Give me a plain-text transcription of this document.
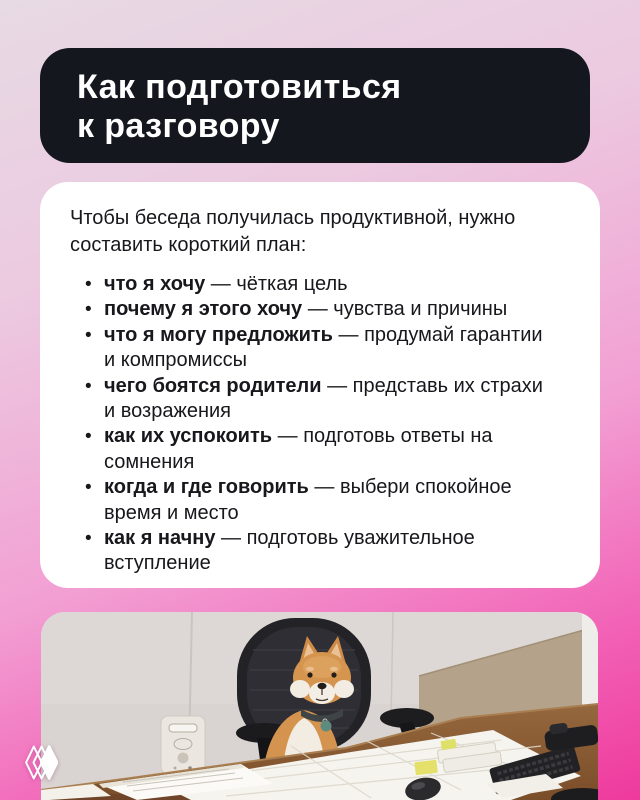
Как подготовиться
к разговору

Чтобы беседа получилась продуктивной, нужно составить короткий план:

• что я хочу — чёткая цель
• почему я этого хочу — чувства и причины
• что я могу предложить — продумай гарантии и компромиссы
• чего боятся родители — представь их страхи и возражения
• как их успокоить — подготовь ответы на сомнения
• когда и где говорить — выбери спокойное время и место
• как я начну — подготовь уважительное вступление
